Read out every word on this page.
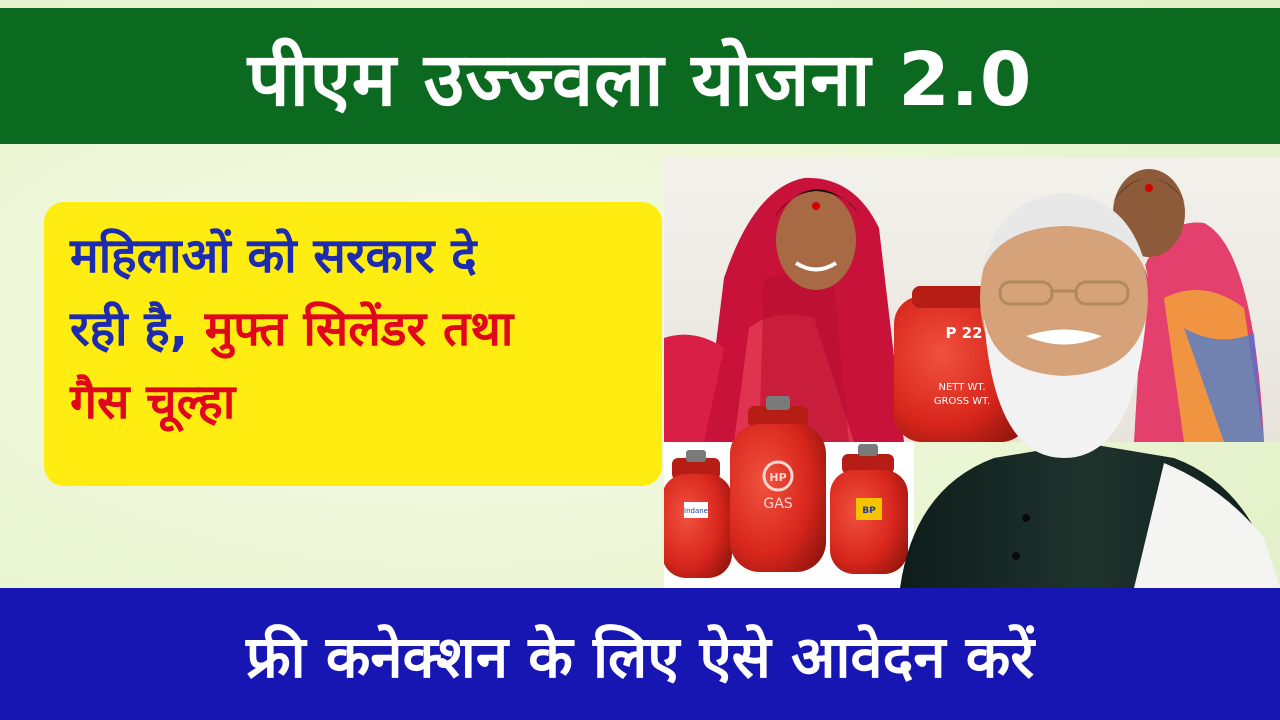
पीएम उज्ज्वला योजना 2.0
P 22
NETT WT.
GROSS WT.
Indane
HP
GAS	BP

महिलाओं को सरकार दे
रही है, मुफ्त सिलेंडर तथा
गैस चूल्हा

फ्री कनेक्शन के लिए ऐसे आवेदन करें
